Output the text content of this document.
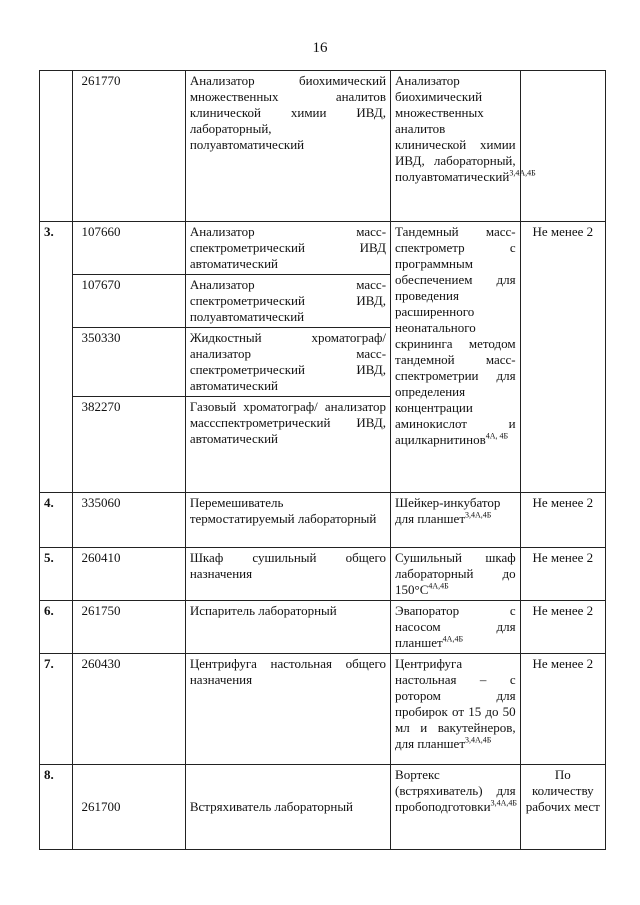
16
	261770	Анализатор биохимический множественных аналитов клинической химии ИВД, лабораторный, полуавтоматический	Анализатор биохимический множественных аналитов клинической химии ИВД, лабораторный, полуавтоматический$^{3,4А,4Б}$	
3.	107660	Анализатор масс-спектрометрический ИВД автоматический	Тандемный масс-спектрометр с программным обеспечением для проведения расширенного неонатального скрининга методом тандемной масс-спектрометрии для определения концентрации аминокислот и ацилкарнитинов$^{4А, 4Б}$	Не менее 2
	107670	Анализатор масс-спектрометрический ИВД, полуавтоматический		
	350330	Жидкостный хроматограф/ анализатор массспектрометрический ИВД, автоматический		
	382270	Газовый хроматограф/ анализатор массспектрометрический ИВД, автоматический		
4.	335060	Перемешиватель термостатируемый лабораторный	Шейкер-инкубатор для планшет$^{3,4А,4Б}$	Не менее 2
5.	260410	Шкаф сушильный общего назначения	Сушильный шкаф лабораторный до $150^\circ С^{4А,4Б}$	Не менее 2
6.	261750	Испаритель лабораторный	Эвапоратор с насосом для планшет$^{4А,4Б}$	Не менее 2
7.	260430	Центрифуга настольная общего назначения	Центрифуга настольная – с ротором для пробирок от 15 до 50 мл и вакутейнеров, для планшет$^{3,4А,4Б}$	Не менее 2
8.	261700	Встряхиватель лабораторный	Вортекс (встряхиватель) для пробоподготовки$^{3,4А,4Б}$	По количеству рабочих мест
